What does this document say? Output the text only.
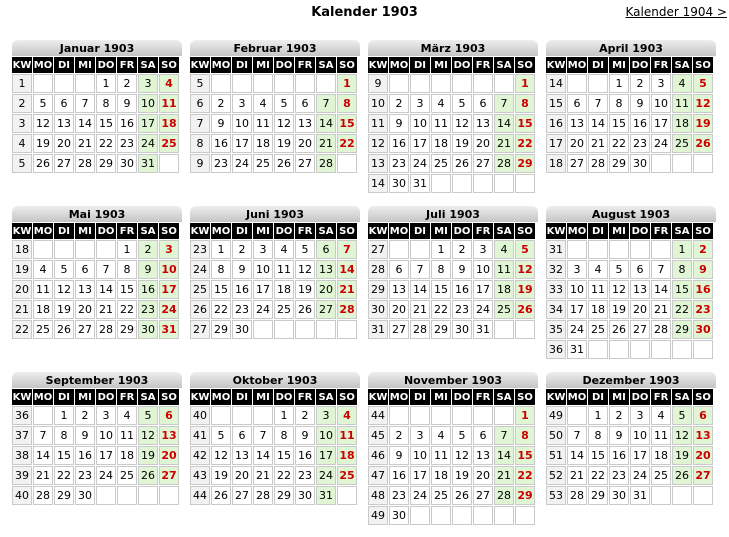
Kalender 1903	Kalender 1904 >
Januar 1903
KW	MO	DI	MI	DO	FR	SA	SO
1				1	2	3	4
2	5	6	7	8	9	10	11
3	12	13	14	15	16	17	18
4	19	20	21	22	23	24	25
5	26	27	28	29	30	31	
Februar 1903
KW	MO	DI	MI	DO	FR	SA	SO
5							1
6	2	3	4	5	6	7	8
7	9	10	11	12	13	14	15
8	16	17	18	19	20	21	22
9	23	24	25	26	27	28	
März 1903
KW	MO	DI	MI	DO	FR	SA	SO
9							1
10	2	3	4	5	6	7	8
11	9	10	11	12	13	14	15
12	16	17	18	19	20	21	22
13	23	24	25	26	27	28	29
14	30	31					
April 1903
KW	MO	DI	MI	DO	FR	SA	SO
14			1	2	3	4	5
15	6	7	8	9	10	11	12
16	13	14	15	16	17	18	19
17	20	21	22	23	24	25	26
18	27	28	29	30			
Mai 1903
KW	MO	DI	MI	DO	FR	SA	SO
18					1	2	3
19	4	5	6	7	8	9	10
20	11	12	13	14	15	16	17
21	18	19	20	21	22	23	24
22	25	26	27	28	29	30	31
Juni 1903
KW	MO	DI	MI	DO	FR	SA	SO
23	1	2	3	4	5	6	7
24	8	9	10	11	12	13	14
25	15	16	17	18	19	20	21
26	22	23	24	25	26	27	28
27	29	30					
Juli 1903
KW	MO	DI	MI	DO	FR	SA	SO
27			1	2	3	4	5
28	6	7	8	9	10	11	12
29	13	14	15	16	17	18	19
30	20	21	22	23	24	25	26
31	27	28	29	30	31		
August 1903
KW	MO	DI	MI	DO	FR	SA	SO
31						1	2
32	3	4	5	6	7	8	9
33	10	11	12	13	14	15	16
34	17	18	19	20	21	22	23
35	24	25	26	27	28	29	30
36	31						
September 1903
KW	MO	DI	MI	DO	FR	SA	SO
36		1	2	3	4	5	6
37	7	8	9	10	11	12	13
38	14	15	16	17	18	19	20
39	21	22	23	24	25	26	27
40	28	29	30				
Oktober 1903
KW	MO	DI	MI	DO	FR	SA	SO
40				1	2	3	4
41	5	6	7	8	9	10	11
42	12	13	14	15	16	17	18
43	19	20	21	22	23	24	25
44	26	27	28	29	30	31	
November 1903
KW	MO	DI	MI	DO	FR	SA	SO
44							1
45	2	3	4	5	6	7	8
46	9	10	11	12	13	14	15
47	16	17	18	19	20	21	22
48	23	24	25	26	27	28	29
49	30						
Dezember 1903
KW	MO	DI	MI	DO	FR	SA	SO
49		1	2	3	4	5	6
50	7	8	9	10	11	12	13
51	14	15	16	17	18	19	20
52	21	22	23	24	25	26	27
53	28	29	30	31			
